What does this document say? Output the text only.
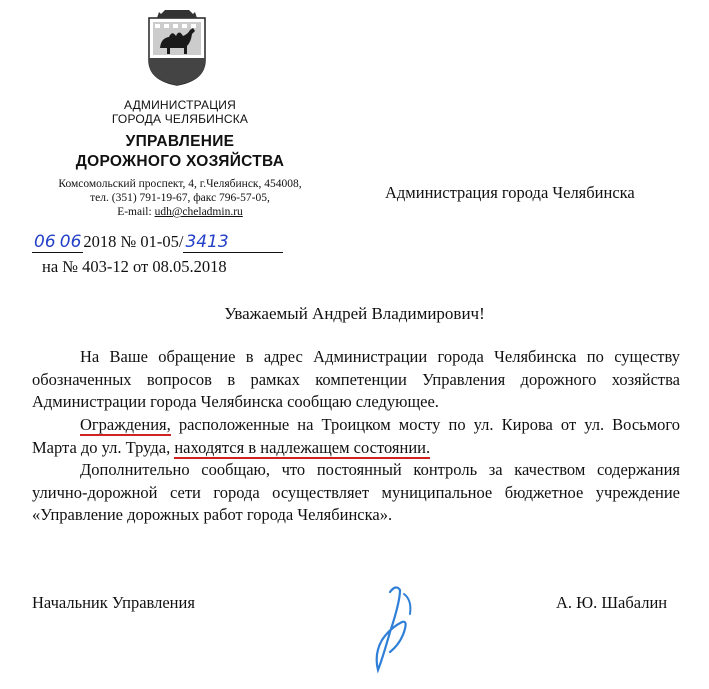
АДМИНИСТРАЦИЯ
ГОРОДА ЧЕЛЯБИНСКА
УПРАВЛЕНИЕ
ДОРОЖНОГО ХОЗЯЙСТВА
Комсомольский проспект, 4, г.Челябинск, 454008,
тел. (351) 791-19-67, факс 796-57-05,
E-mail: udh@cheladmin.ru
Администрация города Челябинска
06 06 2018 № 01-05/ 3413
на № 403-12 от 08.05.2018
Уважаемый Андрей Владимирович!
На Ваше обращение в адрес Администрации города Челябинска по существу обозначенных вопросов в рамках компетенции Управления дорожного хозяйства Администрации города Челябинска сообщаю следующее.
Ограждения, расположенные на Троицком мосту по ул. Кирова от ул. Восьмого Марта до ул. Труда, находятся в надлежащем состоянии.
Дополнительно сообщаю, что постоянный контроль за качеством содержания улично-дорожной сети города осуществляет муниципальное бюджетное учреждение «Управление дорожных работ города Челябинска».
Начальник Управления	А. Ю. Шабалин
